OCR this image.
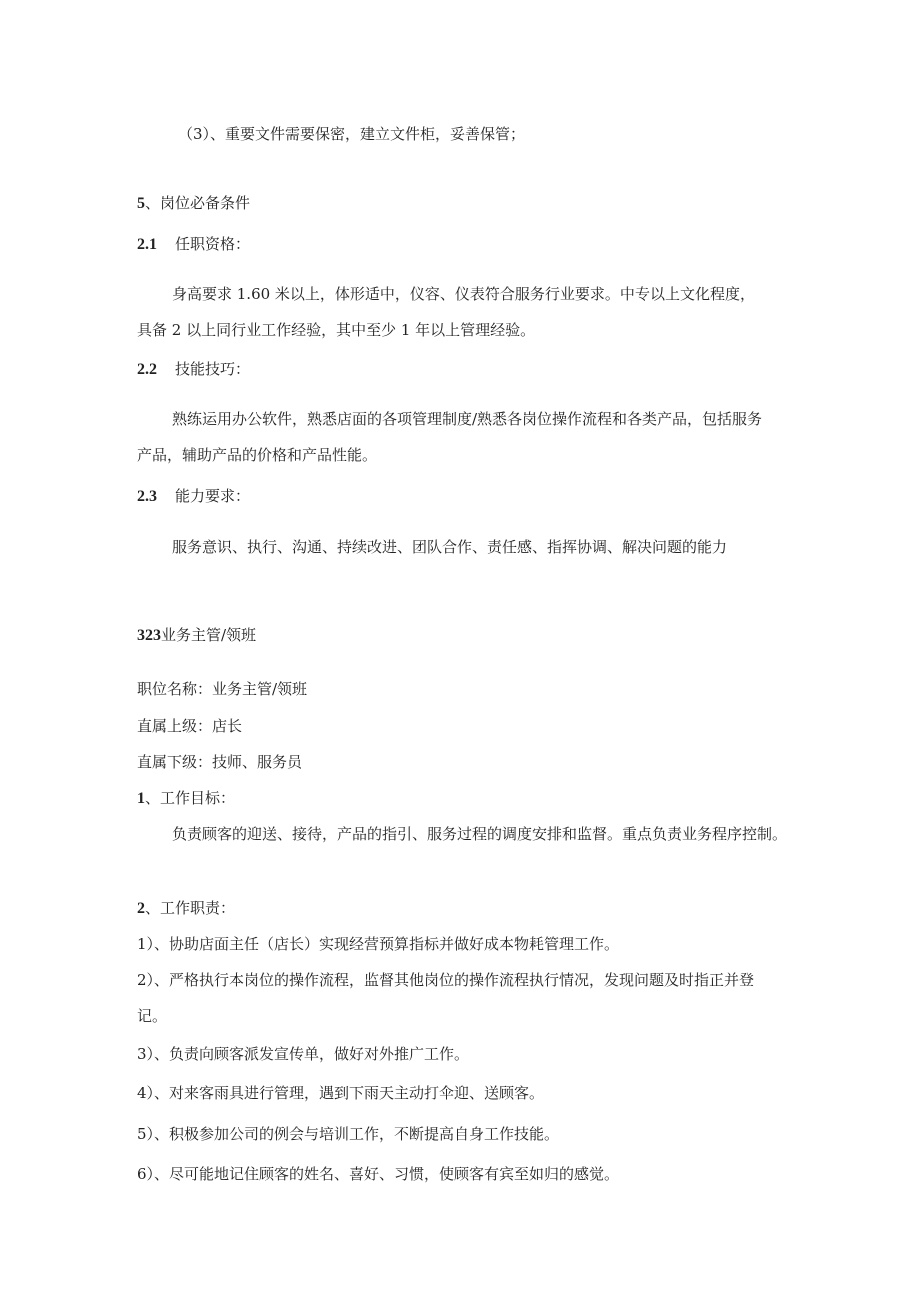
（3）、重要文件需要保密，建立文件柜，妥善保管；
5、岗位必备条件
2.1 任职资格：
身高要求 1.60 米以上，体形适中，仪容、仪表符合服务行业要求。中专以上文化程度，
具备 2 以上同行业工作经验，其中至少 1 年以上管理经验。
2.2 技能技巧：
熟练运用办公软件，熟悉店面的各项管理制度/熟悉各岗位操作流程和各类产品，包括服务
产品，辅助产品的价格和产品性能。
2.3 能力要求：
服务意识、执行、沟通、持续改进、团队合作、责任感、指挥协调、解决问题的能力
323业务主管/领班
职位名称：业务主管/领班
直属上级：店长
直属下级：技师、服务员
1、工作目标：
负责顾客的迎送、接待，产品的指引、服务过程的调度安排和监督。重点负责业务程序控制。
2、工作职责：
1）、协助店面主任（店长）实现经营预算指标并做好成本物耗管理工作。
2）、严格执行本岗位的操作流程，监督其他岗位的操作流程执行情况，发现问题及时指正并登
记。
3）、负责向顾客派发宣传单，做好对外推广工作。
4）、对来客雨具进行管理，遇到下雨天主动打伞迎、送顾客。
5）、积极参加公司的例会与培训工作，不断提高自身工作技能。
6）、尽可能地记住顾客的姓名、喜好、习惯，使顾客有宾至如归的感觉。
